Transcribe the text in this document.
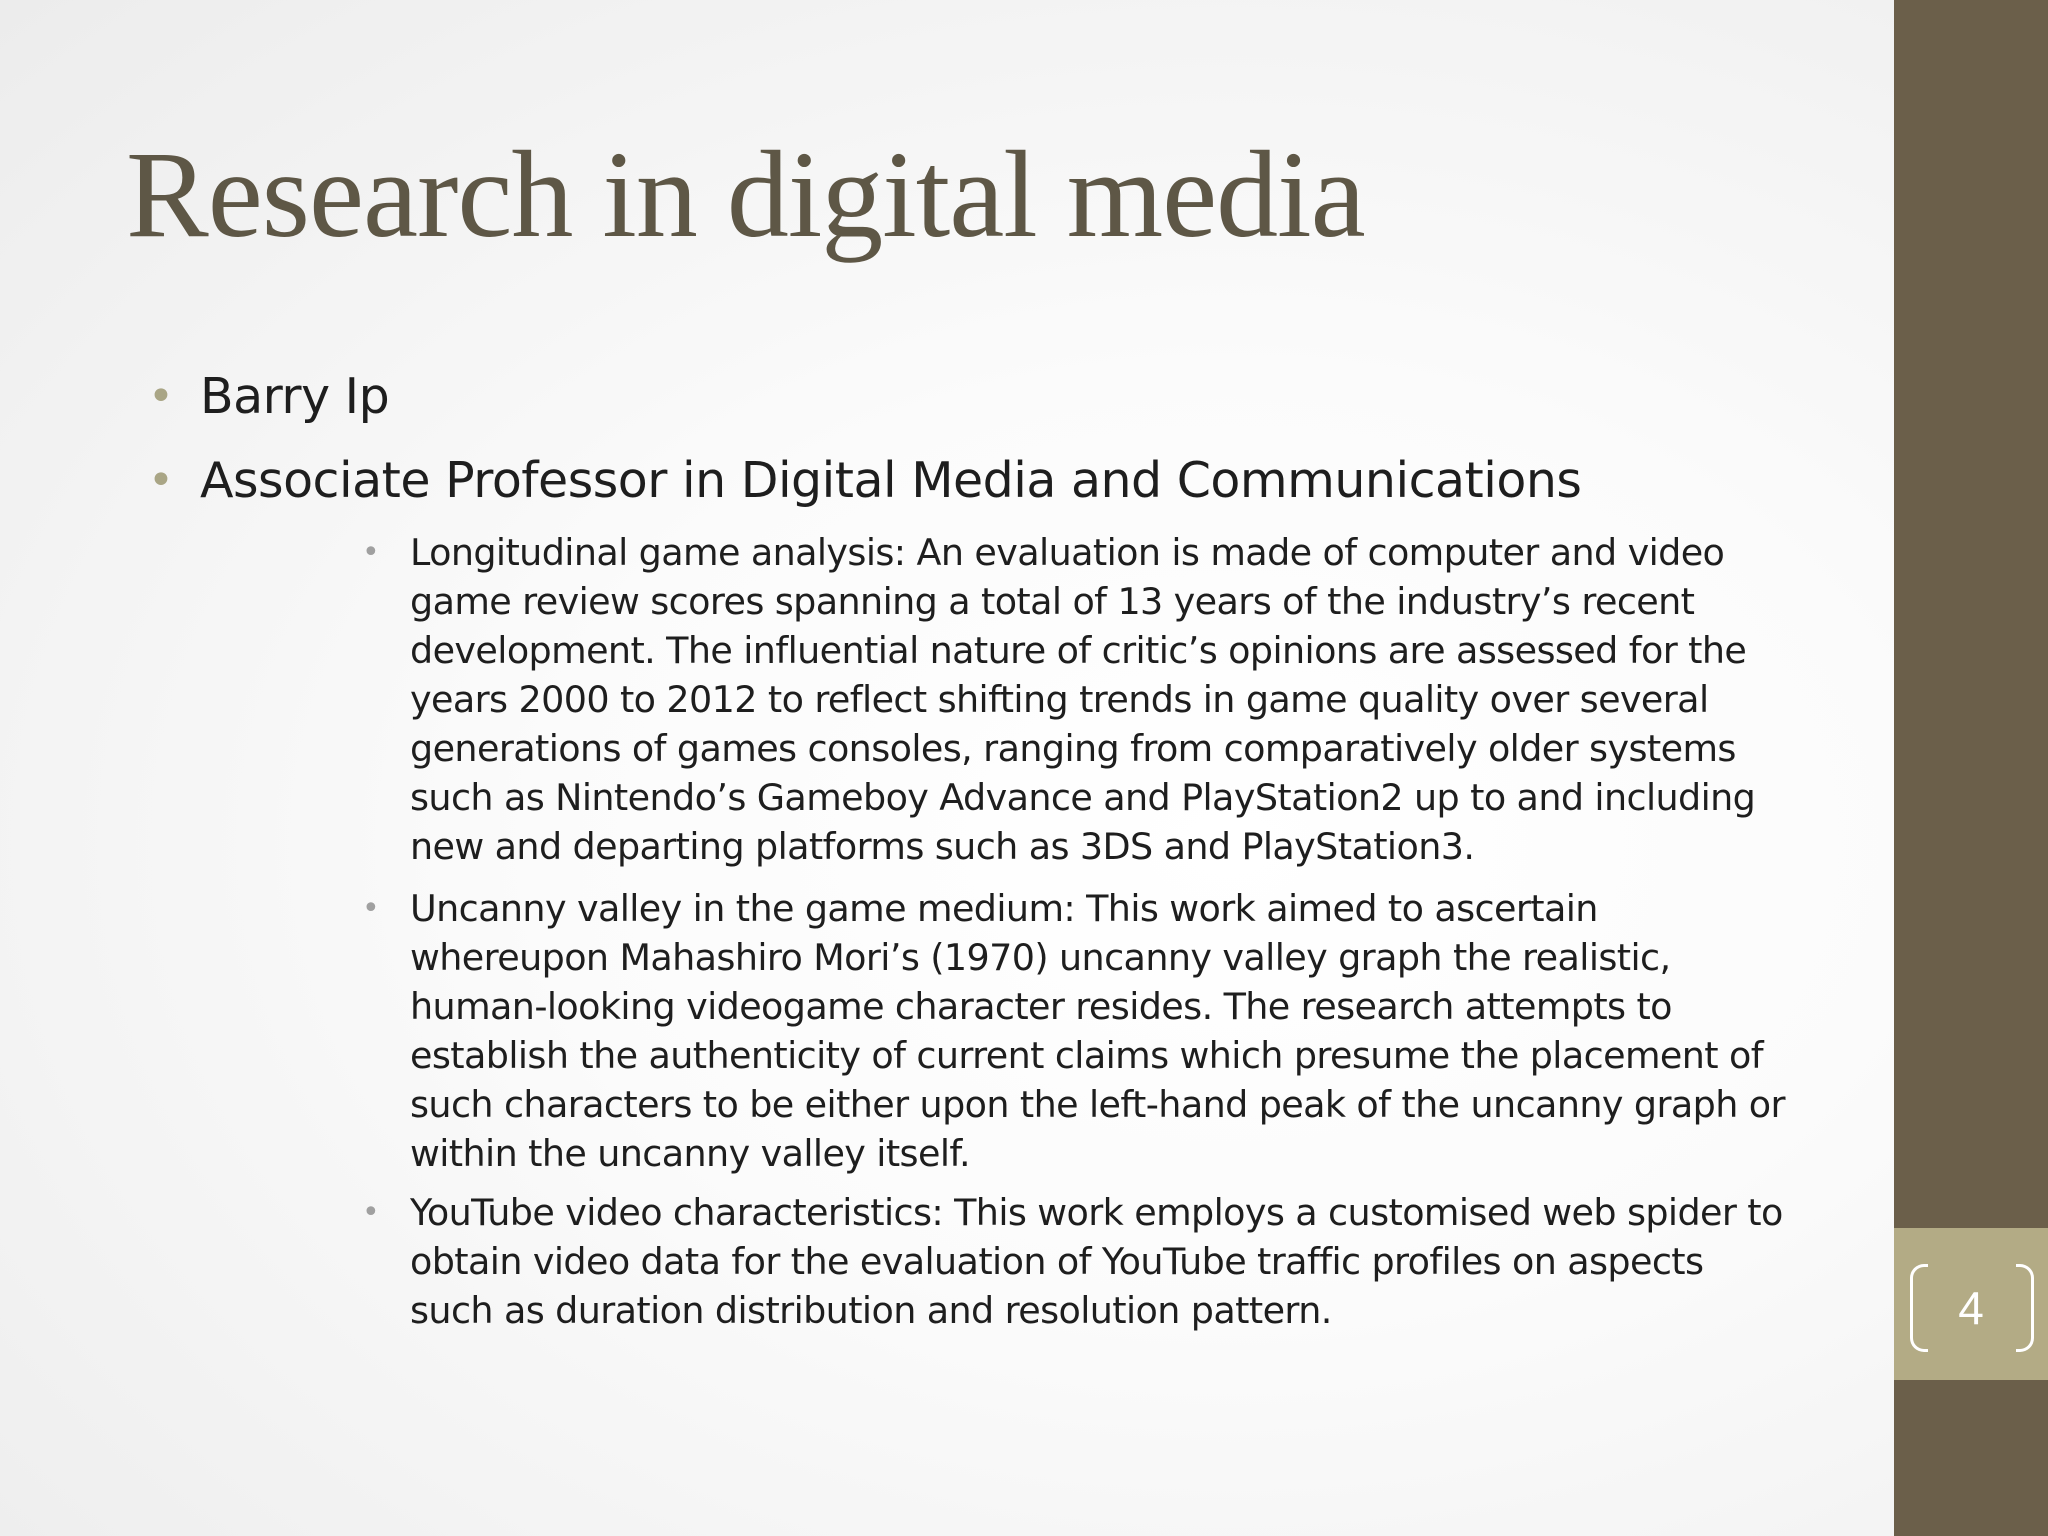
Research in digital media
• Barry Ip
• Associate Professor in Digital Media and Communications
• Longitudinal game analysis: An evaluation is made of computer and video game review scores spanning a total of 13 years of the industry’s recent development. The influential nature of critic’s opinions are assessed for the years 2000 to 2012 to reflect shifting trends in game quality over several generations of games consoles, ranging from comparatively older systems such as Nintendo’s Gameboy Advance and PlayStation2 up to and including new and departing platforms such as 3DS and PlayStation3.
• Uncanny valley in the game medium: This work aimed to ascertain whereupon Mahashiro Mori’s (1970) uncanny valley graph the realistic, human-looking videogame character resides. The research attempts to establish the authenticity of current claims which presume the placement of such characters to be either upon the left-hand peak of the uncanny graph or within the uncanny valley itself.
• YouTube video characteristics: This work employs a customised web spider to obtain video data for the evaluation of YouTube traffic profiles on aspects such as duration distribution and resolution pattern.	4
